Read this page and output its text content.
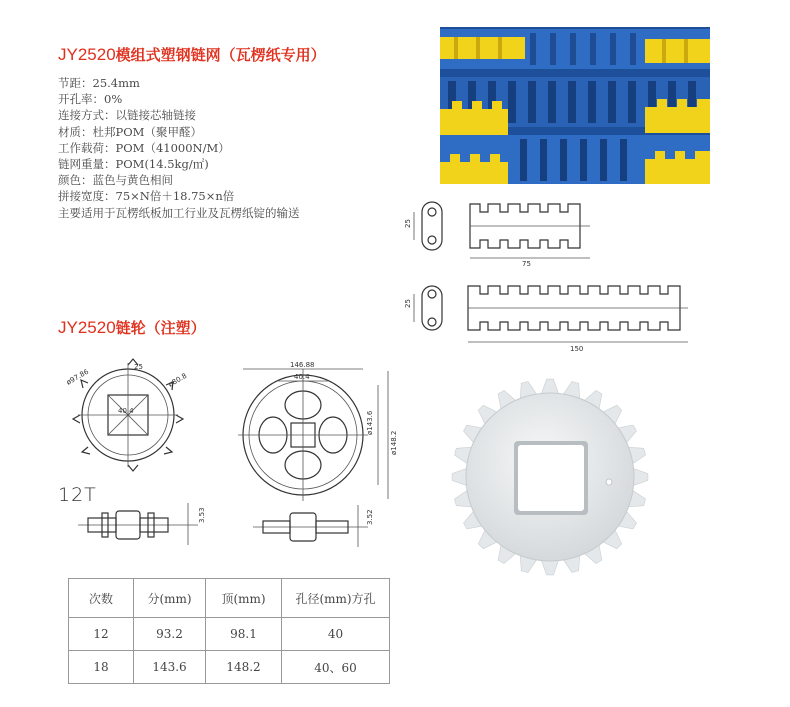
JY2520模组式塑钢链网（瓦楞纸专用）
节距：25.4mm
开孔率：0%
连接方式：以链接芯轴链接
材质：杜邦POM（聚甲醛）
工作载荷：POM（41000N/M）
链网重量：POM(14.5kg/㎡)
颜色：蓝色与黄色相间
拼接宽度：75×N倍＋18.75×n倍
主要适用于瓦楞纸板加工行业及瓦楞纸锭的输送
25
75
25
150
JY2520链轮（注塑）
ø97.86
25
40.4
ø80.8
146.88
40.4
ø143.6
ø148.2
3.53	3.52
12T
次数	分(mm)	顶(mm)	孔径(mm)方孔
12	93.2	98.1	40
18	143.6	148.2	40、60
